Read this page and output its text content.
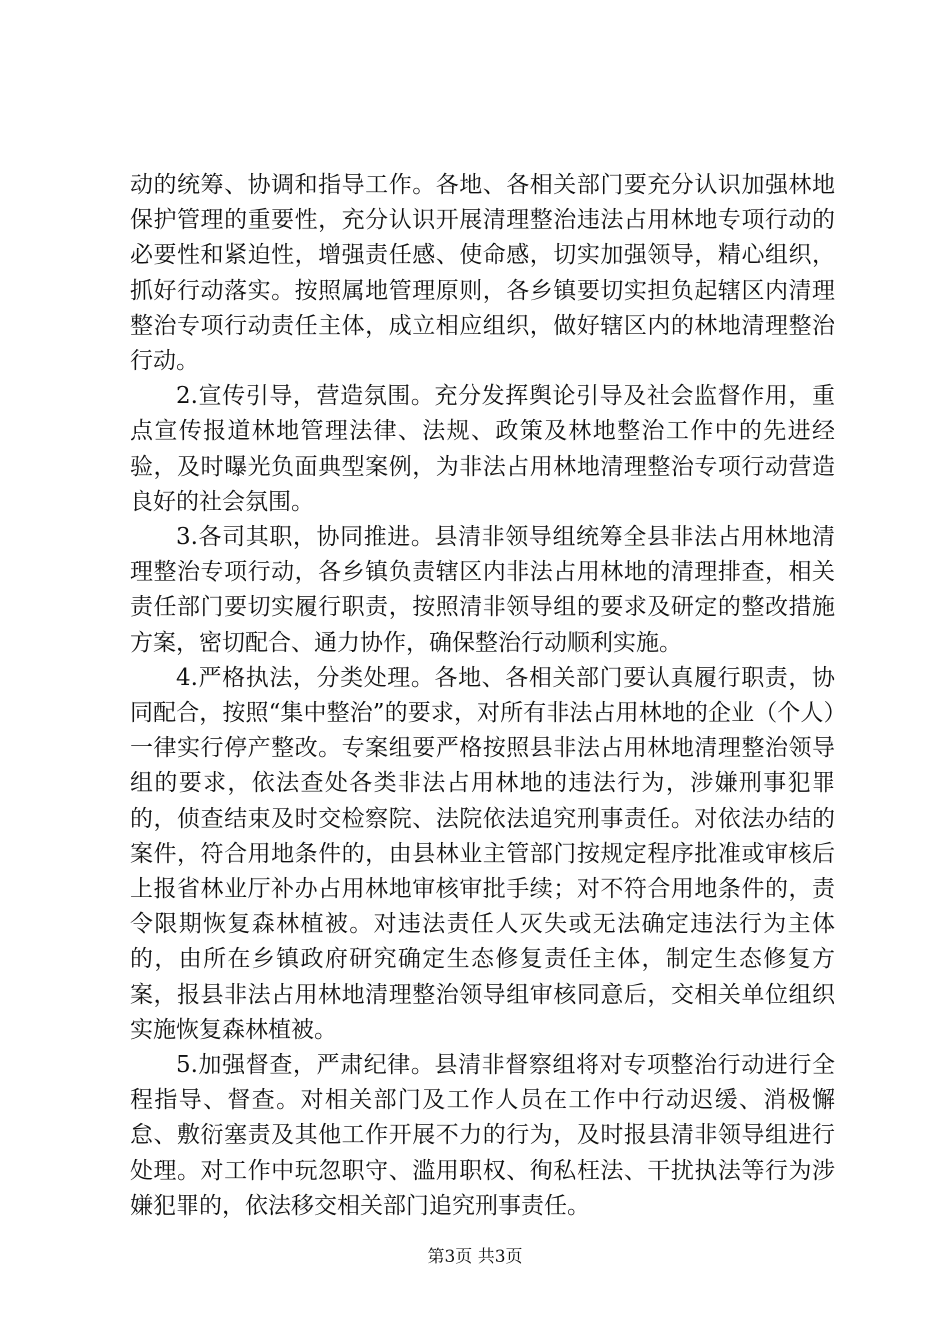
动的统筹、协调和指导工作。各地、各相关部门要充分认识加强林地保护管理的重要性，充分认识开展清理整治违法占用林地专项行动的必要性和紧迫性，增强责任感、使命感，切实加强领导，精心组织，抓好行动落实。按照属地管理原则，各乡镇要切实担负起辖区内清理整治专项行动责任主体，成立相应组织，做好辖区内的林地清理整治行动。

2.宣传引导，营造氛围。充分发挥舆论引导及社会监督作用，重点宣传报道林地管理法律、法规、政策及林地整治工作中的先进经验，及时曝光负面典型案例，为非法占用林地清理整治专项行动营造良好的社会氛围。

3.各司其职，协同推进。县清非领导组统筹全县非法占用林地清理整治专项行动，各乡镇负责辖区内非法占用林地的清理排查，相关责任部门要切实履行职责，按照清非领导组的要求及研定的整改措施方案，密切配合、通力协作，确保整治行动顺利实施。

4.严格执法，分类处理。各地、各相关部门要认真履行职责，协同配合，按照“集中整治”的要求，对所有非法占用林地的企业（个人）一律实行停产整改。专案组要严格按照县非法占用林地清理整治领导组的要求，依法查处各类非法占用林地的违法行为，涉嫌刑事犯罪的，侦查结束及时交检察院、法院依法追究刑事责任。对依法办结的案件，符合用地条件的，由县林业主管部门按规定程序批准或审核后上报省林业厅补办占用林地审核审批手续；对不符合用地条件的，责令限期恢复森林植被。对违法责任人灭失或无法确定违法行为主体的，由所在乡镇政府研究确定生态修复责任主体，制定生态修复方案，报县非法占用林地清理整治领导组审核同意后，交相关单位组织实施恢复森林植被。

5.加强督查，严肃纪律。县清非督察组将对专项整治行动进行全程指导、督查。对相关部门及工作人员在工作中行动迟缓、消极懈怠、敷衍塞责及其他工作开展不力的行为，及时报县清非领导组进行处理。对工作中玩忽职守、滥用职权、徇私枉法、干扰执法等行为涉嫌犯罪的，依法移交相关部门追究刑事责任。

第3页 共3页
